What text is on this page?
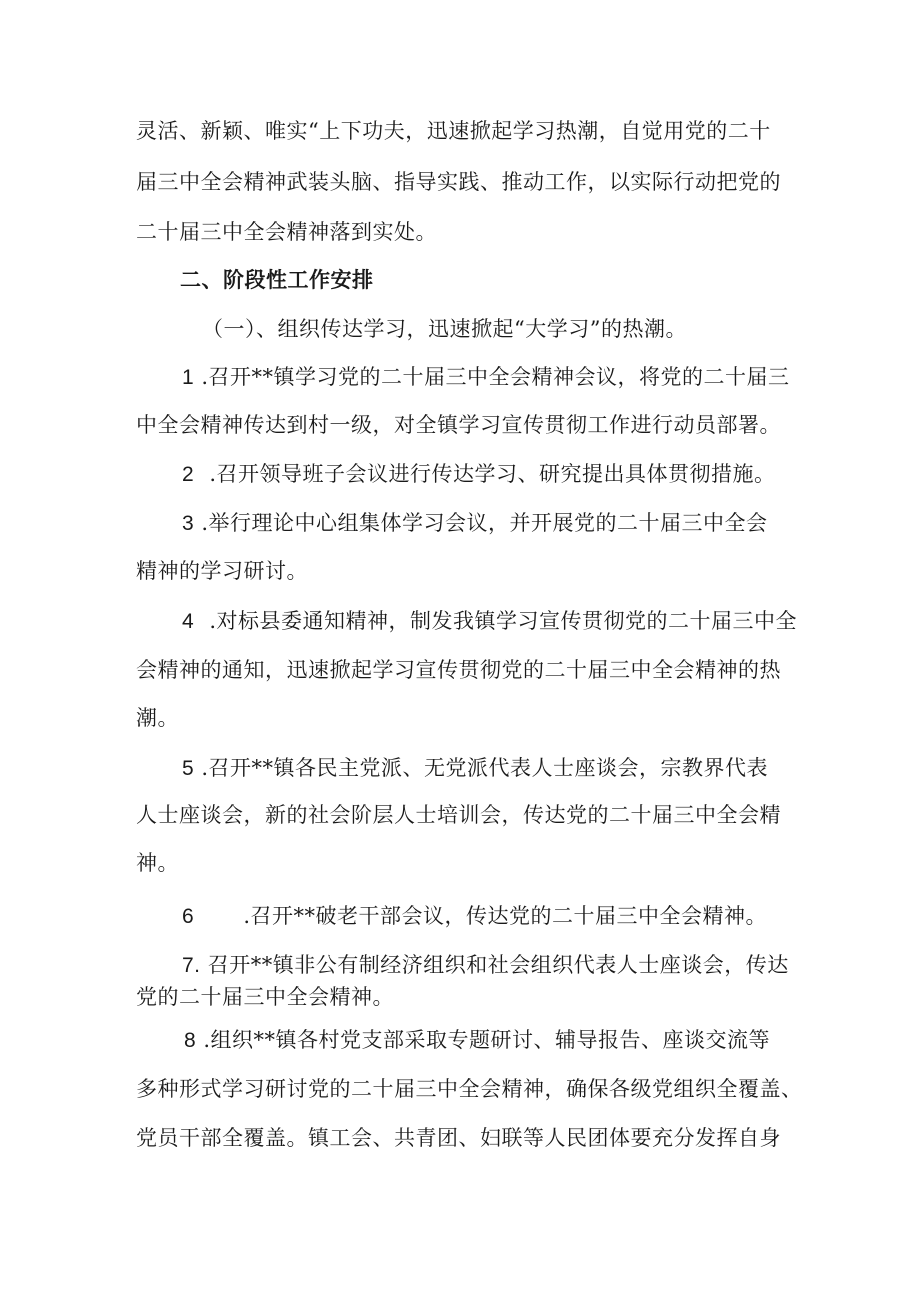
灵活、新颖、唯实“上下功夫，迅速掀起学习热潮，自觉用党的二十
届三中全会精神武装头脑、指导实践、推动工作，以实际行动把党的
二十届三中全会精神落到实处。
二、阶段性工作安排
（一）、组织传达学习，迅速掀起“大学习”的热潮。
1 .召开**镇学习党的二十届三中全会精神会议，将党的二十届三
中全会精神传达到村一级，对全镇学习宣传贯彻工作进行动员部署。
2 .召开领导班子会议进行传达学习、研究提出具体贯彻措施。
3 .举行理论中心组集体学习会议，并开展党的二十届三中全会
精神的学习研讨。
4 .对标县委通知精神，制发我镇学习宣传贯彻党的二十届三中全
会精神的通知，迅速掀起学习宣传贯彻党的二十届三中全会精神的热
潮。
5 .召开**镇各民主党派、无党派代表人士座谈会，宗教界代表
人士座谈会，新的社会阶层人士培训会，传达党的二十届三中全会精
神。
6 .召开**破老干部会议，传达党的二十届三中全会精神。
7. 召开**镇非公有制经济组织和社会组织代表人士座谈会，传达
党的二十届三中全会精神。
8 .组织**镇各村党支部采取专题研讨、辅导报告、座谈交流等
多种形式学习研讨党的二十届三中全会精神，确保各级党组织全覆盖、
党员干部全覆盖。镇工会、共青团、妇联等人民团体要充分发挥自身
